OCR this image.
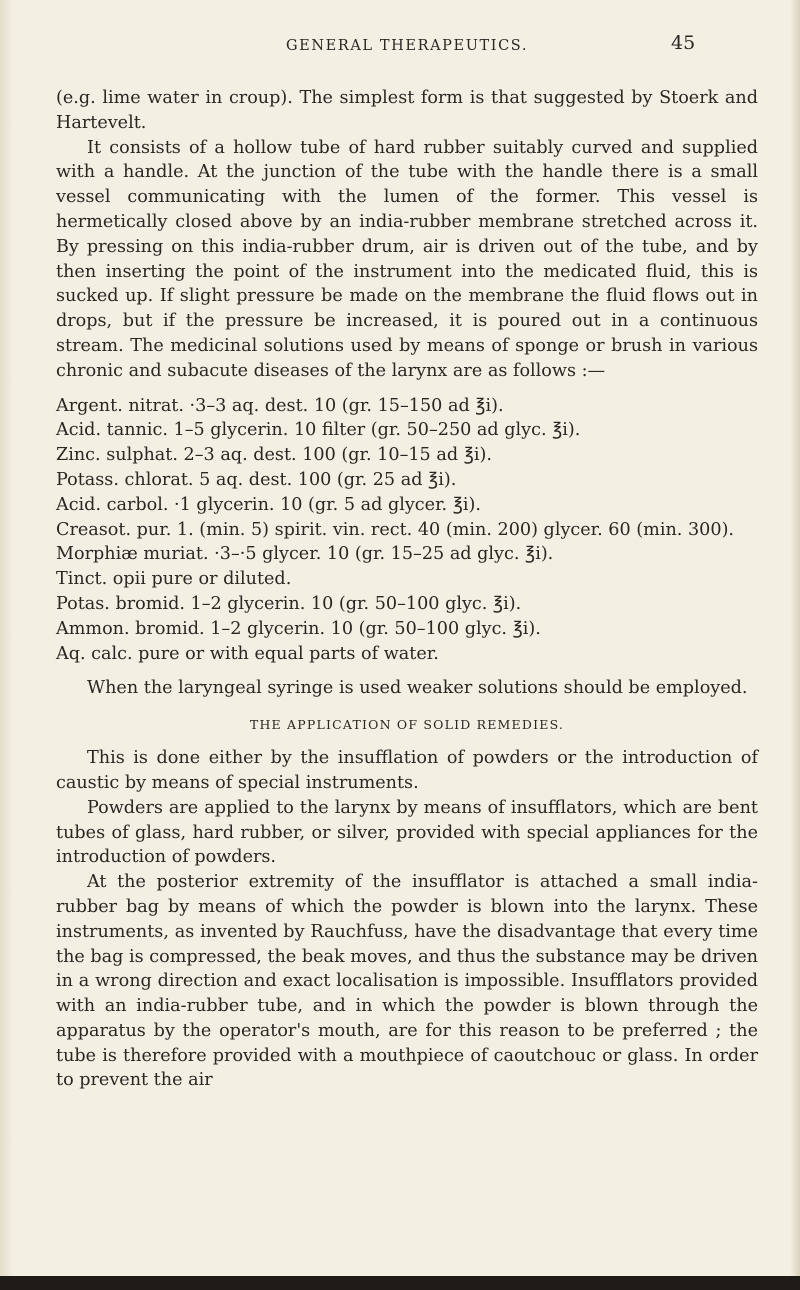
GENERAL THERAPEUTICS.	45

(e.g. lime water in croup). The simplest form is that suggested by Stoerk and Hartevelt.

It consists of a hollow tube of hard rubber suitably curved and supplied with a handle. At the junction of the tube with the handle there is a small vessel communicating with the lumen of the former. This vessel is hermetically closed above by an india-rubber membrane stretched across it. By pressing on this india-rubber drum, air is driven out of the tube, and by then inserting the point of the instrument into the medicated fluid, this is sucked up. If slight pressure be made on the membrane the fluid flows out in drops, but if the pressure be increased, it is poured out in a continuous stream. The medicinal solutions used by means of sponge or brush in various chronic and subacute diseases of the larynx are as follows :—

Argent. nitrat. ·3–3 aq. dest. 10 (gr. 15–150 ad ℥i).
Acid. tannic. 1–5 glycerin. 10 filter (gr. 50–250 ad glyc. ℥i).
Zinc. sulphat. 2–3 aq. dest. 100 (gr. 10–15 ad ℥i).
Potass. chlorat. 5 aq. dest. 100 (gr. 25 ad ℥i).
Acid. carbol. ·1 glycerin. 10 (gr. 5 ad glycer. ℥i).
Creasot. pur. 1. (min. 5) spirit. vin. rect. 40 (min. 200) glycer. 60 (min. 300).
Morphiæ muriat. ·3–·5 glycer. 10 (gr. 15–25 ad glyc. ℥i).
Tinct. opii pure or diluted.
Potas. bromid. 1–2 glycerin. 10 (gr. 50–100 glyc. ℥i).
Ammon. bromid. 1–2 glycerin. 10 (gr. 50–100 glyc. ℥i).
Aq. calc. pure or with equal parts of water.

When the laryngeal syringe is used weaker solutions should be employed.

THE APPLICATION OF SOLID REMEDIES.

This is done either by the insufflation of powders or the introduction of caustic by means of special instruments.

Powders are applied to the larynx by means of insufflators, which are bent tubes of glass, hard rubber, or silver, provided with special appliances for the introduction of powders.

At the posterior extremity of the insufflator is attached a small india-rubber bag by means of which the powder is blown into the larynx. These instruments, as invented by Rauchfuss, have the disadvantage that every time the bag is compressed, the beak moves, and thus the substance may be driven in a wrong direction and exact localisation is impossible. Insufflators provided with an india-rubber tube, and in which the powder is blown through the apparatus by the operator's mouth, are for this reason to be preferred ; the tube is therefore provided with a mouthpiece of caoutchouc or glass. In order to prevent the air
